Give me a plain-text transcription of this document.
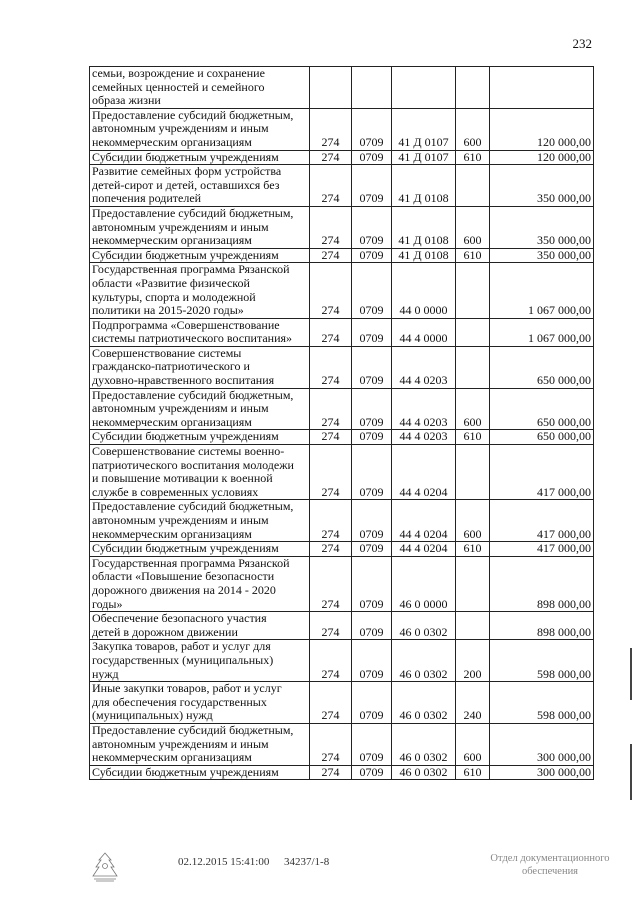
232
семьи, возрождение и сохранение
семейных ценностей и семейного
образа жизни					

Предоставление субсидий бюджетным,
автономным учреждениям и иным
некоммерческим организациям	274	0709	41 Д 0107	600	120 000,00

Субсидии бюджетным учреждениям	274	0709	41 Д 0107	610	120 000,00

Развитие семейных форм устройства
детей-сирот и детей, оставшихся без
попечения родителей	274	0709	41 Д 0108		350 000,00

Предоставление субсидий бюджетным,
автономным учреждениям и иным
некоммерческим организациям	274	0709	41 Д 0108	600	350 000,00

Субсидии бюджетным учреждениям	274	0709	41 Д 0108	610	350 000,00

Государственная программа Рязанской
области «Развитие физической
культуры, спорта и молодежной
политики на 2015-2020 годы»	274	0709	44 0 0000		1 067 000,00

Подпрограмма «Совершенствование
системы патриотического воспитания»	274	0709	44 4 0000		1 067 000,00

Совершенствование системы
гражданско-патриотического и
духовно-нравственного воспитания	274	0709	44 4 0203		650 000,00

Предоставление субсидий бюджетным,
автономным учреждениям и иным
некоммерческим организациям	274	0709	44 4 0203	600	650 000,00

Субсидии бюджетным учреждениям	274	0709	44 4 0203	610	650 000,00

Совершенствование системы военно-
патриотического воспитания молодежи
и повышение мотивации к военной
службе в современных условиях	274	0709	44 4 0204		417 000,00

Предоставление субсидий бюджетным,
автономным учреждениям и иным
некоммерческим организациям	274	0709	44 4 0204	600	417 000,00

Субсидии бюджетным учреждениям	274	0709	44 4 0204	610	417 000,00

Государственная программа Рязанской
области «Повышение безопасности
дорожного движения на 2014 - 2020
годы»	274	0709	46 0 0000		898 000,00

Обеспечение безопасного участия
детей в дорожном движении	274	0709	46 0 0302		898 000,00

Закупка товаров, работ и услуг для
государственных (муниципальных)
нужд	274	0709	46 0 0302	200	598 000,00

Иные закупки товаров, работ и услуг
для обеспечения государственных
(муниципальных) нужд	274	0709	46 0 0302	240	598 000,00

Предоставление субсидий бюджетным,
автономным учреждениям и иным
некоммерческим организациям	274	0709	46 0 0302	600	300 000,00

Субсидии бюджетным учреждениям	274	0709	46 0 0302	610	300 000,00
02.12.2015 15:41:00 34237/1-8	Отдел документационного
обеспечения
